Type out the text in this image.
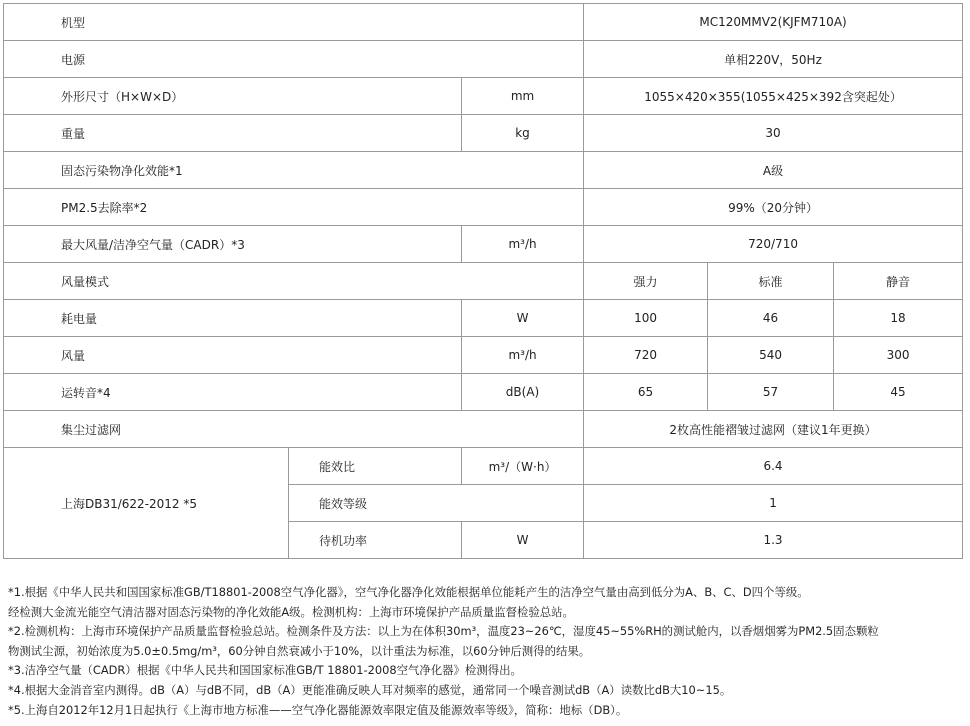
机型			MC120MMV2(KJFM710A)		
电源			单相220V，50Hz		
外形尺寸（H×W×D）		mm	1055×420×355(1055×425×392含突起处）		
重量		kg	30		
固态污染物净化效能*1			A级		
PM2.5去除率*2			99%（20分钟）		
最大风量/洁净空气量（CADR）*3		m³/h	720/710		
风量模式			强力	标准	静音
耗电量		W	100	46	18
风量		m³/h	720	540	300
运转音*4		dB(A)	65	57	45
集尘过滤网			2枚高性能褶皱过滤网（建议1年更换）		
上海DB31/622-2012 *5	能效比	m³/（W·h）	6.4		
	能效等级		1		
	待机功率	W	1.3		
*1.根据《中华人民共和国国家标准GB/T18801-2008空气净化器》，空气净化器净化效能根据单位能耗产生的洁净空气量由高到低分为A、B、C、D四个等级。
经检测大金流光能空气清洁器对固态污染物的净化效能A级。检测机构：上海市环境保护产品质量监督检验总站。
*2.检测机构：上海市环境保护产品质量监督检验总站。检测条件及方法：以上为在体积30m³，温度23~26℃，湿度45~55%RH的测试舱内，以香烟烟雾为PM2.5固态颗粒
物测试尘源，初始浓度为5.0±0.5mg/m³，60分钟自然衰减小于10%，以计重法为标准，以60分钟后测得的结果。
*3.洁净空气量（CADR）根据《中华人民共和国国家标准GB/T 18801-2008空气净化器》检测得出。
*4.根据大金消音室内测得。dB（A）与dB不同，dB（A）更能准确反映人耳对频率的感觉，通常同一个噪音测试dB（A）读数比dB大10~15。
*5.上海自2012年12月1日起执行《上海市地方标准——空气净化器能源效率限定值及能源效率等级》，简称：地标（DB）。
